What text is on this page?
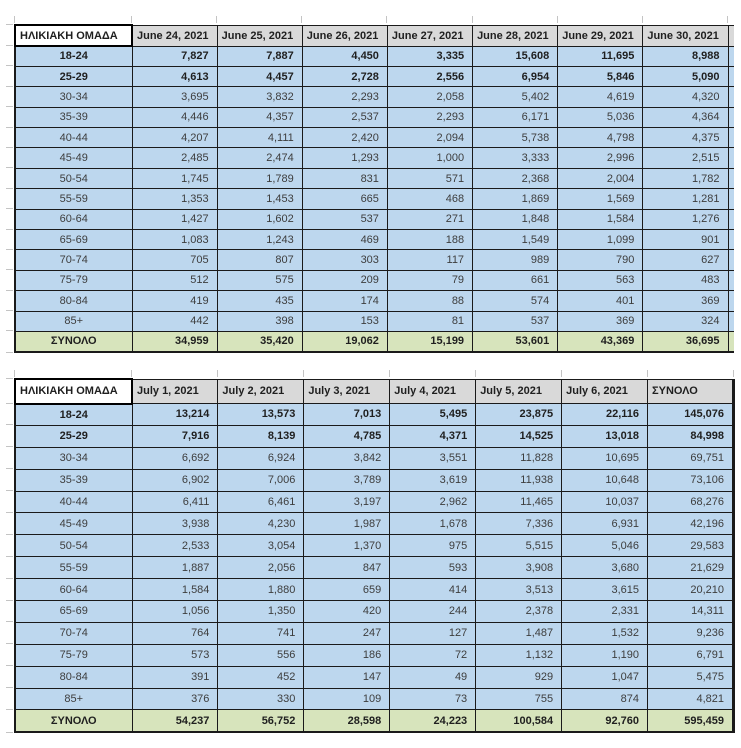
ΗΛΙΚΙΑΚΗ ΟΜΑΔΑ	June 24, 2021	June 25, 2021	June 26, 2021	June 27, 2021	June 28, 2021	June 29, 2021	June 30, 2021	
18-24	7,827	7,887	4,450	3,335	15,608	11,695	8,988	
25-29	4,613	4,457	2,728	2,556	6,954	5,846	5,090	
30-34	3,695	3,832	2,293	2,058	5,402	4,619	4,320	
35-39	4,446	4,357	2,537	2,293	6,171	5,036	4,364	
40-44	4,207	4,111	2,420	2,094	5,738	4,798	4,375	
45-49	2,485	2,474	1,293	1,000	3,333	2,996	2,515	
50-54	1,745	1,789	831	571	2,368	2,004	1,782	
55-59	1,353	1,453	665	468	1,869	1,569	1,281	
60-64	1,427	1,602	537	271	1,848	1,584	1,276	
65-69	1,083	1,243	469	188	1,549	1,099	901	
70-74	705	807	303	117	989	790	627	
75-79	512	575	209	79	661	563	483	
80-84	419	435	174	88	574	401	369	
85+	442	398	153	81	537	369	324	
ΣΥΝΟΛΟ	34,959	35,420	19,062	15,199	53,601	43,369	36,695	
ΗΛΙΚΙΑΚΗ ΟΜΑΔΑ	July 1, 2021	July 2, 2021	July 3, 2021	July 4, 2021	July 5, 2021	July 6, 2021	ΣΥΝΟΛΟ
18-24	13,214	13,573	7,013	5,495	23,875	22,116	145,076
25-29	7,916	8,139	4,785	4,371	14,525	13,018	84,998
30-34	6,692	6,924	3,842	3,551	11,828	10,695	69,751
35-39	6,902	7,006	3,789	3,619	11,938	10,648	73,106
40-44	6,411	6,461	3,197	2,962	11,465	10,037	68,276
45-49	3,938	4,230	1,987	1,678	7,336	6,931	42,196
50-54	2,533	3,054	1,370	975	5,515	5,046	29,583
55-59	1,887	2,056	847	593	3,908	3,680	21,629
60-64	1,584	1,880	659	414	3,513	3,615	20,210
65-69	1,056	1,350	420	244	2,378	2,331	14,311
70-74	764	741	247	127	1,487	1,532	9,236
75-79	573	556	186	72	1,132	1,190	6,791
80-84	391	452	147	49	929	1,047	5,475
85+	376	330	109	73	755	874	4,821
ΣΥΝΟΛΟ	54,237	56,752	28,598	24,223	100,584	92,760	595,459
